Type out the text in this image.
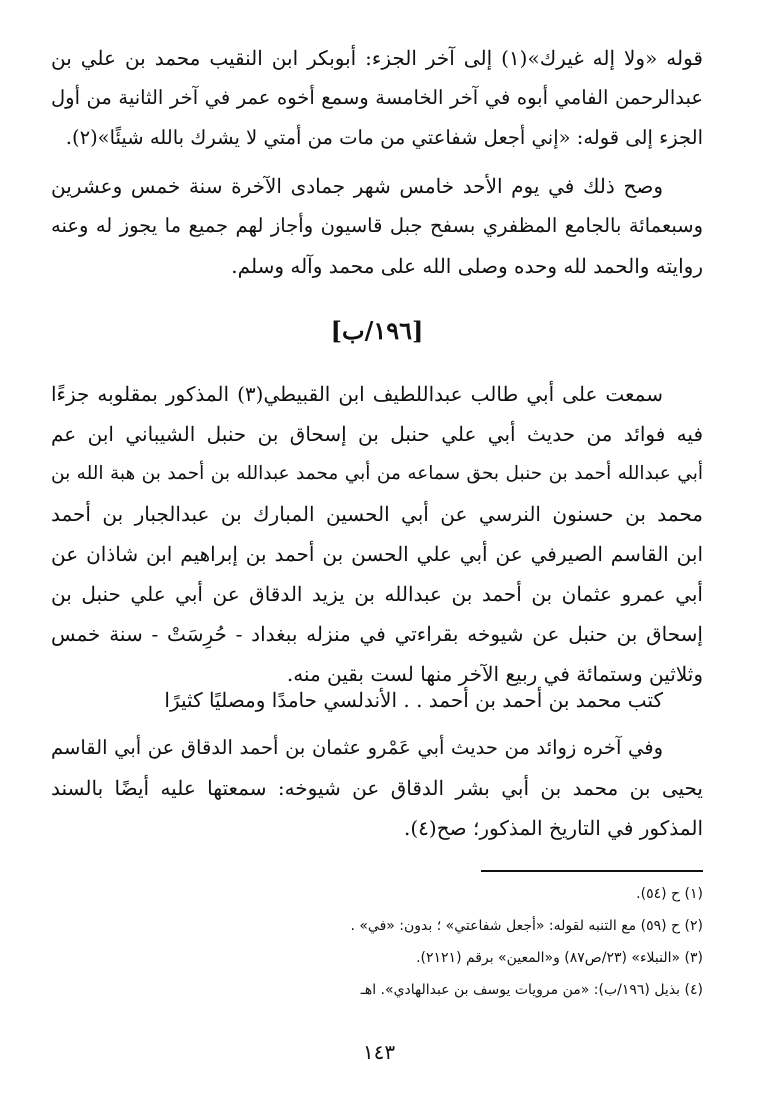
قوله «ولا إله غيرك»(١) إلى آخر الجزء: أبوبكر ابن النقيب محمد بن علي بن
عبدالرحمن الفامي أبوه في آخر الخامسة وسمع أخوه عمر في آخر الثانية من أول
الجزء إلى قوله: «إني أجعل شفاعتي من مات من أمتي لا يشرك بالله شيئًا»(٢).
وصح ذلك في يوم الأحد خامس شهر جمادى الآخرة سنة خمس وعشرين
وسبعمائة بالجامع المظفري بسفح جبل قاسيون وأجاز لهم جميع ما يجوز له وعنه
روايته والحمد لله وحده وصلى الله على محمد وآله وسلم.
[١٩٦/ب]
سمعت على أبي طالب عبداللطيف ابن القبيطي(٣) المذكور بمقلوبه جزءًا
فيه فوائد من حديث أبي علي حنبل بن إسحاق بن حنبل الشيباني ابن عم
أبي عبدالله أحمد بن حنبل بحق سماعه من أبي محمد عبدالله بن أحمد بن هبة الله بن
محمد بن حسنون النرسي عن أبي الحسين المبارك بن عبدالجبار بن أحمد
ابن القاسم الصيرفي عن أبي علي الحسن بن أحمد بن إبراهيم ابن شاذان عن
أبي عمرو عثمان بن أحمد بن عبدالله بن يزيد الدقاق عن أبي علي حنبل بن
إسحاق بن حنبل عن شيوخه بقراءتي في منزله ببغداد - حُرِسَتْ - سنة خمس
وثلاثين وستمائة في ربيع الآخر منها لست بقين منه.
كتب محمد بن أحمد بن أحمد . . الأندلسي حامدًا ومصليًا كثيرًا
وفي آخره زوائد من حديث أبي عَمْرو عثمان بن أحمد الدقاق عن أبي القاسم
يحيى بن محمد بن أبي بشر الدقاق عن شيوخه: سمعتها عليه أيضًا بالسند
المذكور في التاريخ المذكور؛ صح(٤).
(١) ح (٥٤).
(٢) ح (٥٩) مع التنبه لقوله: «أجعل شفاعتي» ؛ بدون: «في» .
(٣) «النبلاء» (٢٣/ص٨٧) و«المعين» برقم (٢١٢١).
(٤) بذيل (١٩٦/ب): «من مرويات يوسف بن عبدالهادي». اهـ
١٤٣
